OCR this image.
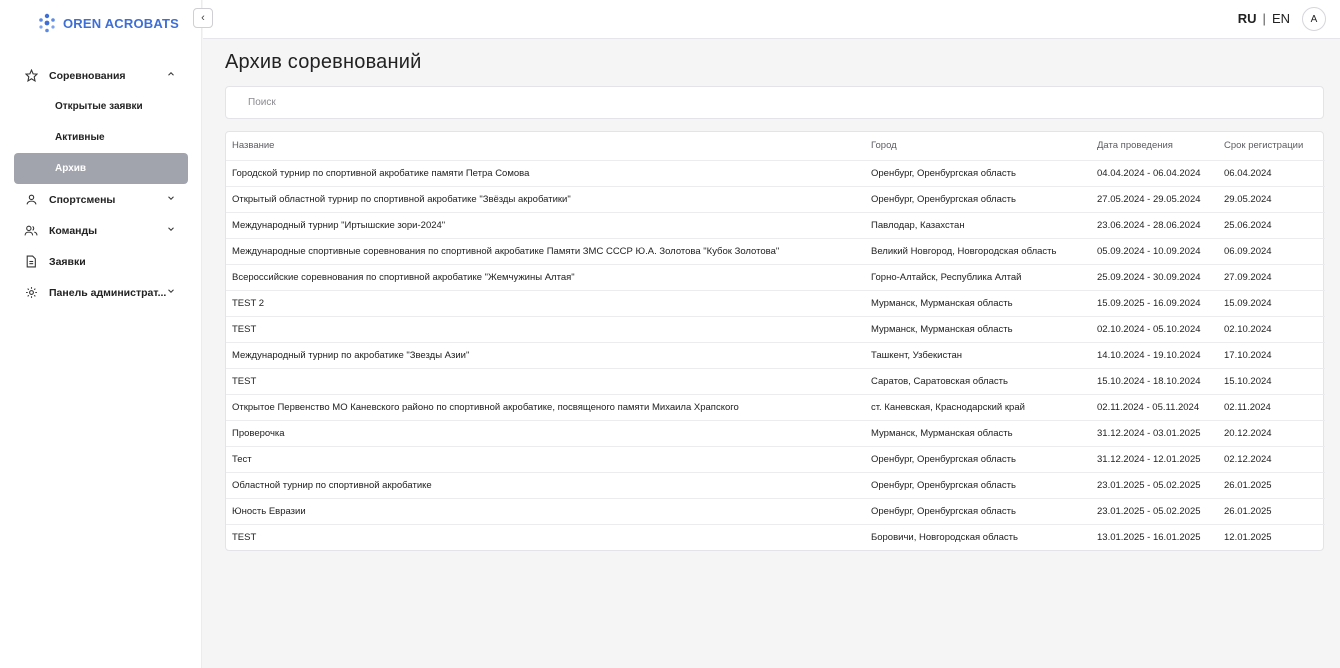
OREN ACROBATS
Соревнования
Открытые заявки
Активные
Архив
Спортсмены
Команды
Заявки
Панель администрат...
‹	RU | EN	A
Архив соревнований
Поиск
Название	Город	Дата проведения	Срок регистрации
Городской турнир по спортивной акробатике памяти Петра Сомова	Оренбург, Оренбургская область	04.04.2024 - 06.04.2024	06.04.2024
Открытый областной турнир по спортивной акробатике "Звёзды акробатики"	Оренбург, Оренбургская область	27.05.2024 - 29.05.2024	29.05.2024
Международный турнир "Иртышские зори-2024"	Павлодар, Казахстан	23.06.2024 - 28.06.2024	25.06.2024
Международные спортивные соревнования по спортивной акробатике Памяти ЗМС СССР Ю.А. Золотова "Кубок Золотова"	Великий Новгород, Новгородская область	05.09.2024 - 10.09.2024	06.09.2024
Всероссийские соревнования по спортивной акробатике "Жемчужины Алтая"	Горно-Алтайск, Республика Алтай	25.09.2024 - 30.09.2024	27.09.2024
TEST 2	Мурманск, Мурманская область	15.09.2025 - 16.09.2024	15.09.2024
TEST	Мурманск, Мурманская область	02.10.2024 - 05.10.2024	02.10.2024
Международный турнир по акробатике "Звезды Азии"	Ташкент, Узбекистан	14.10.2024 - 19.10.2024	17.10.2024
TEST	Саратов, Саратовская область	15.10.2024 - 18.10.2024	15.10.2024
Открытое Первенство МО Каневского районо по спортивной акробатике, посвященого памяти Михаила Храпского	ст. Каневская, Краснодарский край	02.11.2024 - 05.11.2024	02.11.2024
Проверочка	Мурманск, Мурманская область	31.12.2024 - 03.01.2025	20.12.2024
Тест	Оренбург, Оренбургская область	31.12.2024 - 12.01.2025	02.12.2024
Областной турнир по спортивной акробатике	Оренбург, Оренбургская область	23.01.2025 - 05.02.2025	26.01.2025
Юность Евразии	Оренбург, Оренбургская область	23.01.2025 - 05.02.2025	26.01.2025
TEST	Боровичи, Новгородская область	13.01.2025 - 16.01.2025	12.01.2025
